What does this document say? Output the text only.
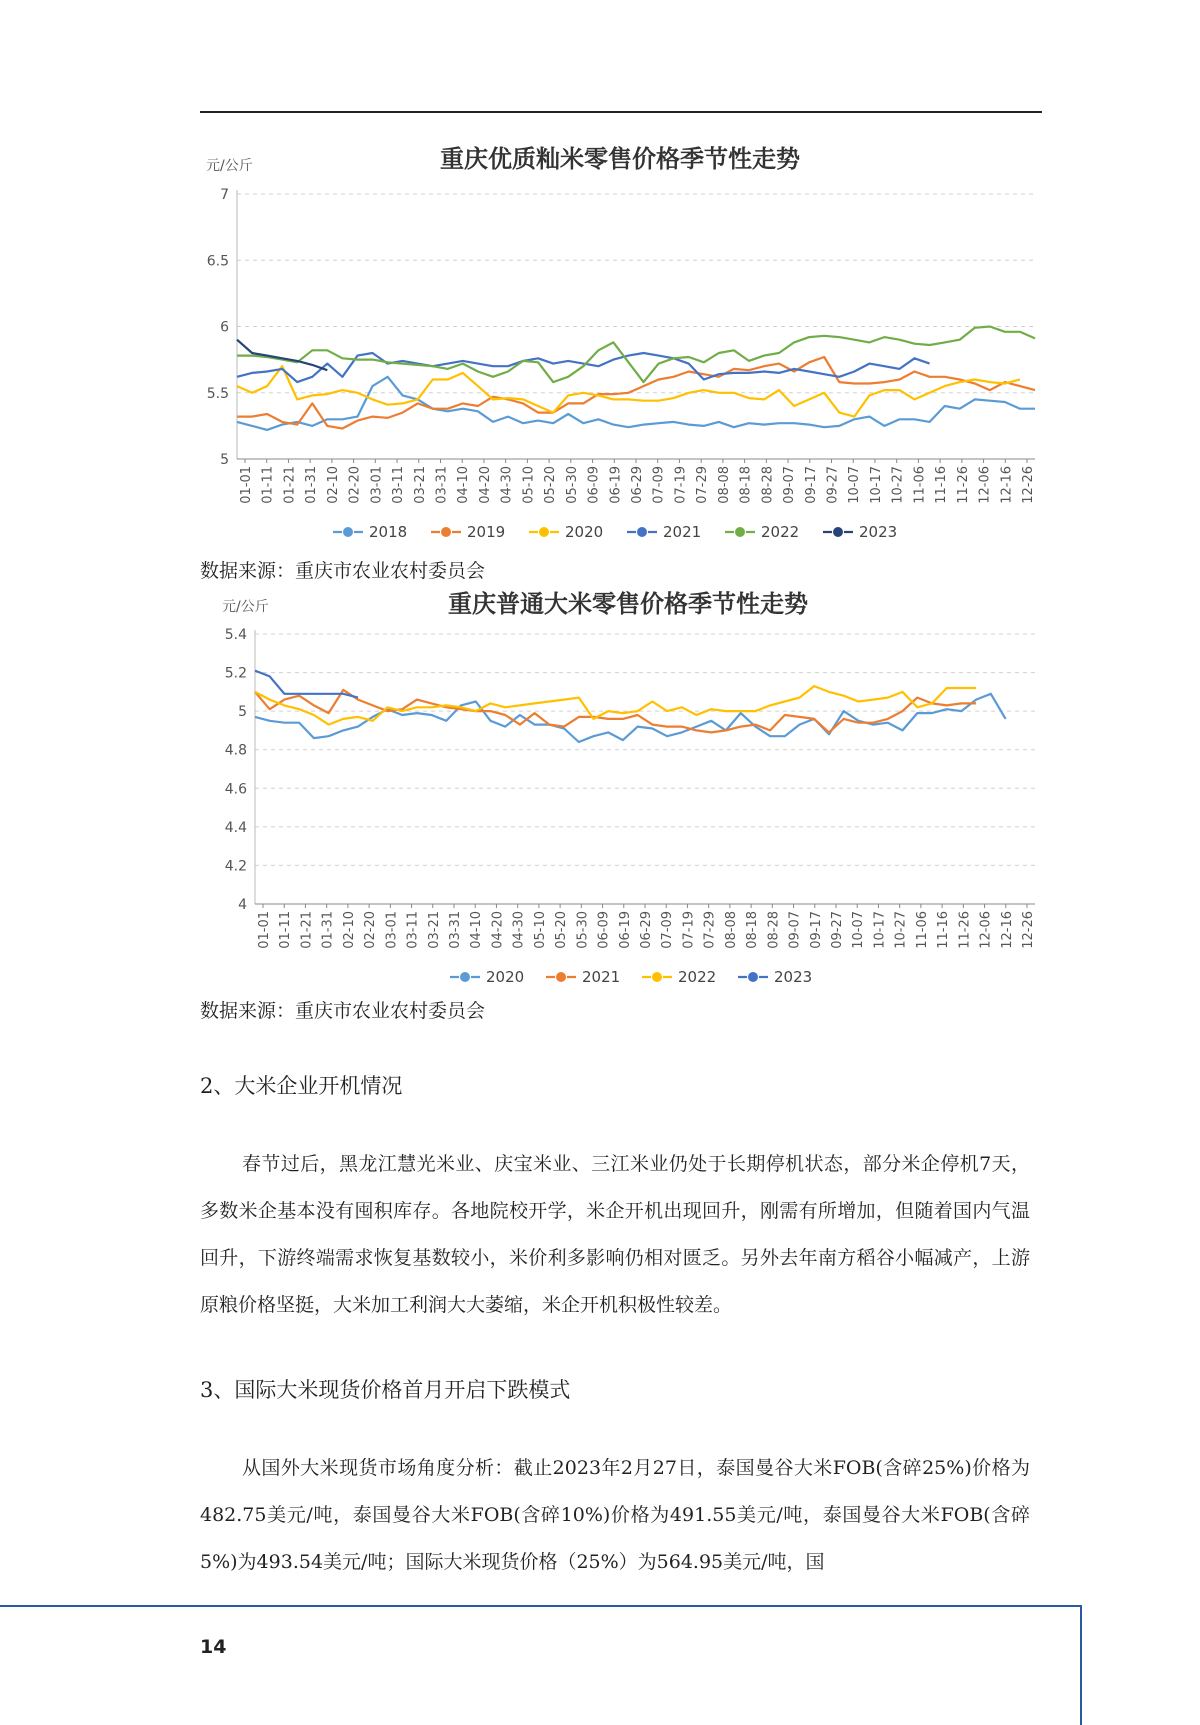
重庆优质籼米零售价格季节性走势
元/公斤
7
6.5
6
5.5
5
01-01 01-11 01-21 01-31 02-10 02-20 03-01 03-11 03-21 03-31 04-10 04-20 04-30 05-10 05-20 05-30 06-09 06-19 06-29 07-09 07-19 07-29 08-08 08-18 08-28 09-07 09-17 09-27 10-07 10-17 10-27 11-06 11-16 11-26 12-06 12-16 12-26
2018	2019	2020	2021	2022	2023
数据来源：重庆市农业农村委员会
重庆普通大米零售价格季节性走势
元/公斤
5.4
5.2
5
4.8
4.6
4.4
4.2
4
01-01 01-11 01-21 01-31 02-10 02-20 03-01 03-11 03-21 03-31 04-10 04-20 04-30 05-10 05-20 05-30 06-09 06-19 06-29 07-09 07-19 07-29 08-08 08-18 08-28 09-07 09-17 09-27 10-07 10-17 10-27 11-06 11-16 11-26 12-06 12-16 12-26
2020	2021	2022	2023
数据来源：重庆市农业农村委员会
2、大米企业开机情况

春节过后，黑龙江慧光米业、庆宝米业、三江米业仍处于长期停机状态，部分米企停机7天，多数米企基本没有囤积库存。各地院校开学，米企开机出现回升，刚需有所增加，但随着国内气温回升，下游终端需求恢复基数较小，米价利多影响仍相对匮乏。另外去年南方稻谷小幅减产，上游原粮价格坚挺，大米加工利润大大萎缩，米企开机积极性较差。

3、国际大米现货价格首月开启下跌模式

从国外大米现货市场角度分析：截止2023年2月27日，泰国曼谷大米FOB(含碎25%)价格为482.75美元/吨，泰国曼谷大米FOB(含碎10%)价格为491.55美元/吨，泰国曼谷大米FOB(含碎5%)为493.54美元/吨；国际大米现货价格（25%）为564.95美元/吨，国

14
